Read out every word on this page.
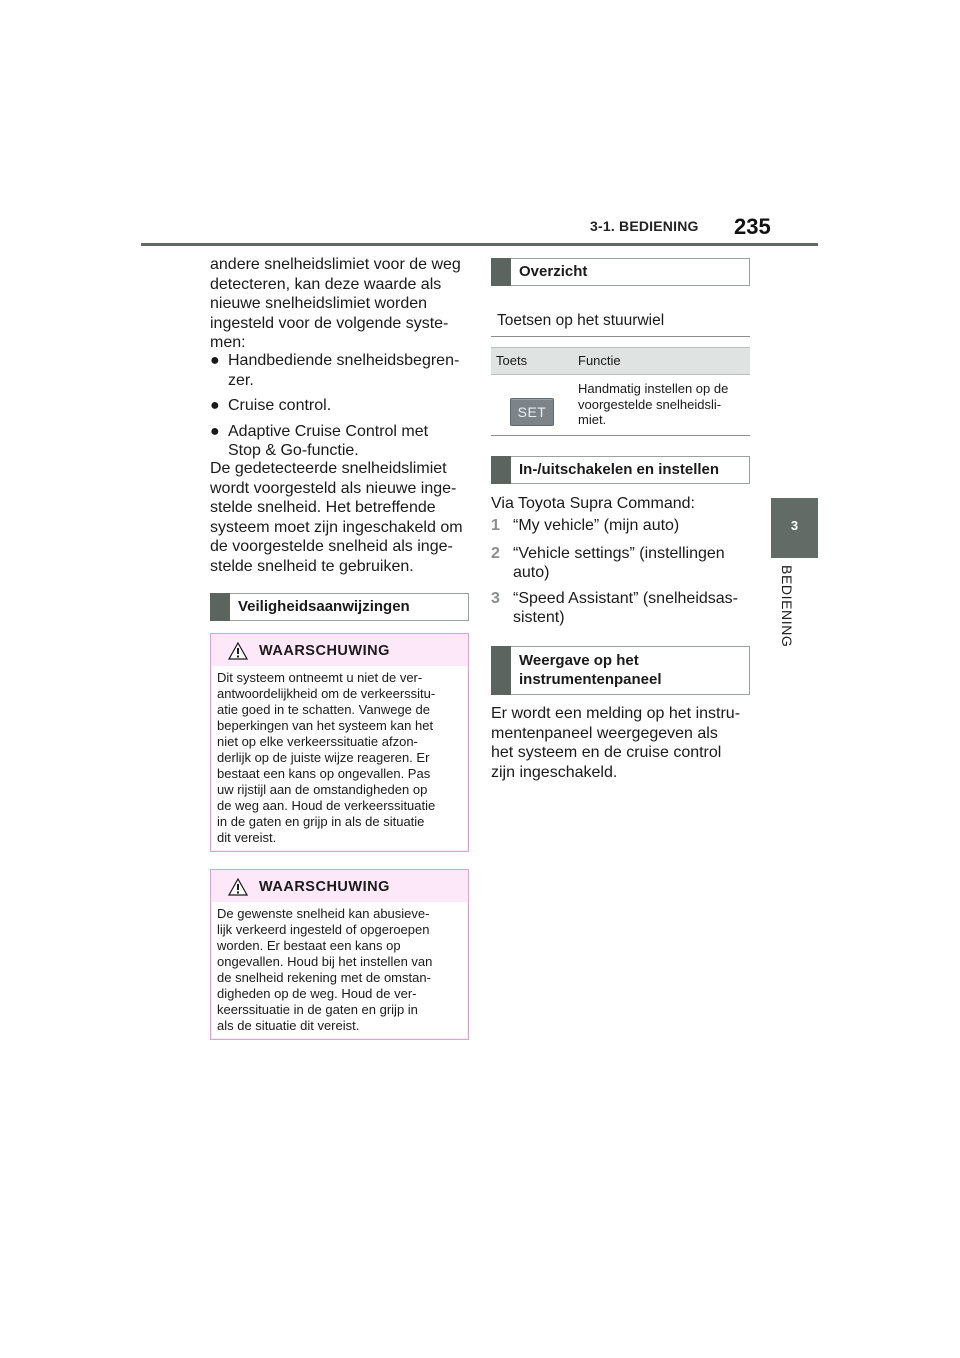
3-1. BEDIENING 235
3
BEDIENING
andere snelheidslimiet voor de weg
detecteren, kan deze waarde als
nieuwe snelheidslimiet worden
ingesteld voor de volgende syste-
men:
● Handbediende snelheidsbegren-
zer.
● Cruise control.
● Adaptive Cruise Control met
Stop & Go-functie.
De gedetecteerde snelheidslimiet
wordt voorgesteld als nieuwe inge-
stelde snelheid. Het betreffende
systeem moet zijn ingeschakeld om
de voorgestelde snelheid als inge-
stelde snelheid te gebruiken.
Veiligheidsaanwijzingen
WAARSCHUWING
Dit systeem ontneemt u niet de ver-
antwoordelijkheid om de verkeerssitu-
atie goed in te schatten. Vanwege de
beperkingen van het systeem kan het
niet op elke verkeerssituatie afzon-
derlijk op de juiste wijze reageren. Er
bestaat een kans op ongevallen. Pas
uw rijstijl aan de omstandigheden op
de weg aan. Houd de verkeerssituatie
in de gaten en grijp in als de situatie
dit vereist.
WAARSCHUWING
De gewenste snelheid kan abusieve-
lijk verkeerd ingesteld of opgeroepen
worden. Er bestaat een kans op
ongevallen. Houd bij het instellen van
de snelheid rekening met de omstan-
digheden op de weg. Houd de ver-
keerssituatie in de gaten en grijp in
als de situatie dit vereist.
Overzicht
Toetsen op het stuurwiel
Toets	Functie
SET
Handmatig instellen op de
voorgestelde snelheidsli-
miet.
In-/uitschakelen en instellen
Via Toyota Supra Command:
1 “My vehicle” (mijn auto)
2 “Vehicle settings” (instellingen
auto)
3 “Speed Assistant” (snelheidsas-
sistent)
Weergave op het
instrumentenpaneel
Er wordt een melding op het instru-
mentenpaneel weergegeven als
het systeem en de cruise control
zijn ingeschakeld.
